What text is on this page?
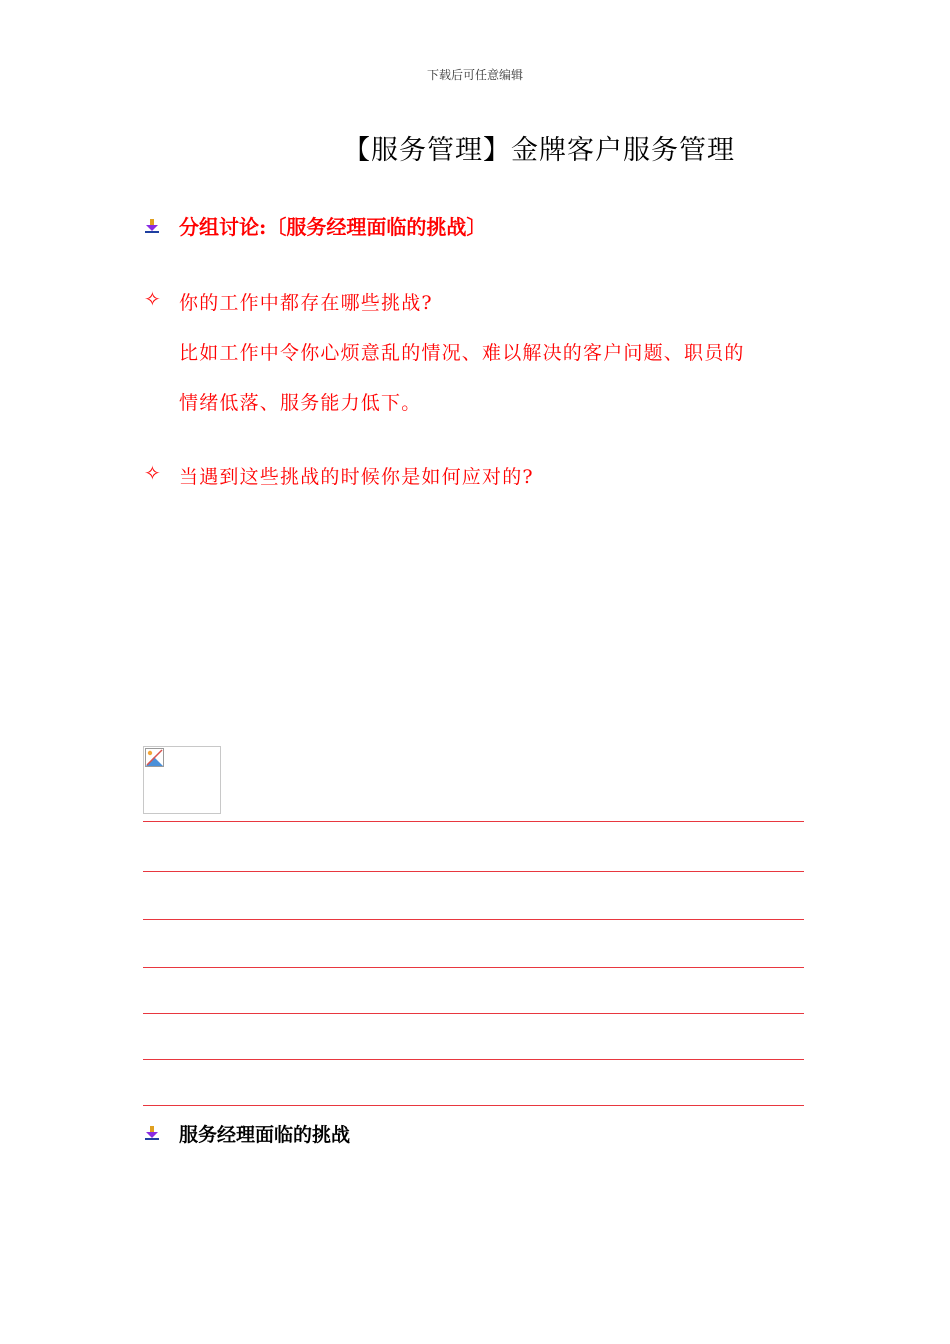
下载后可任意编辑
【服务管理】金牌客户服务管理
分组讨论:〔服务经理面临的挑战〕
✧ 你的工作中都存在哪些挑战?
比如工作中令你心烦意乱的情况、难以解决的客户问题、职员的
情绪低落、服务能力低下。
✧ 当遇到这些挑战的时候你是如何应对的?
服务经理面临的挑战
